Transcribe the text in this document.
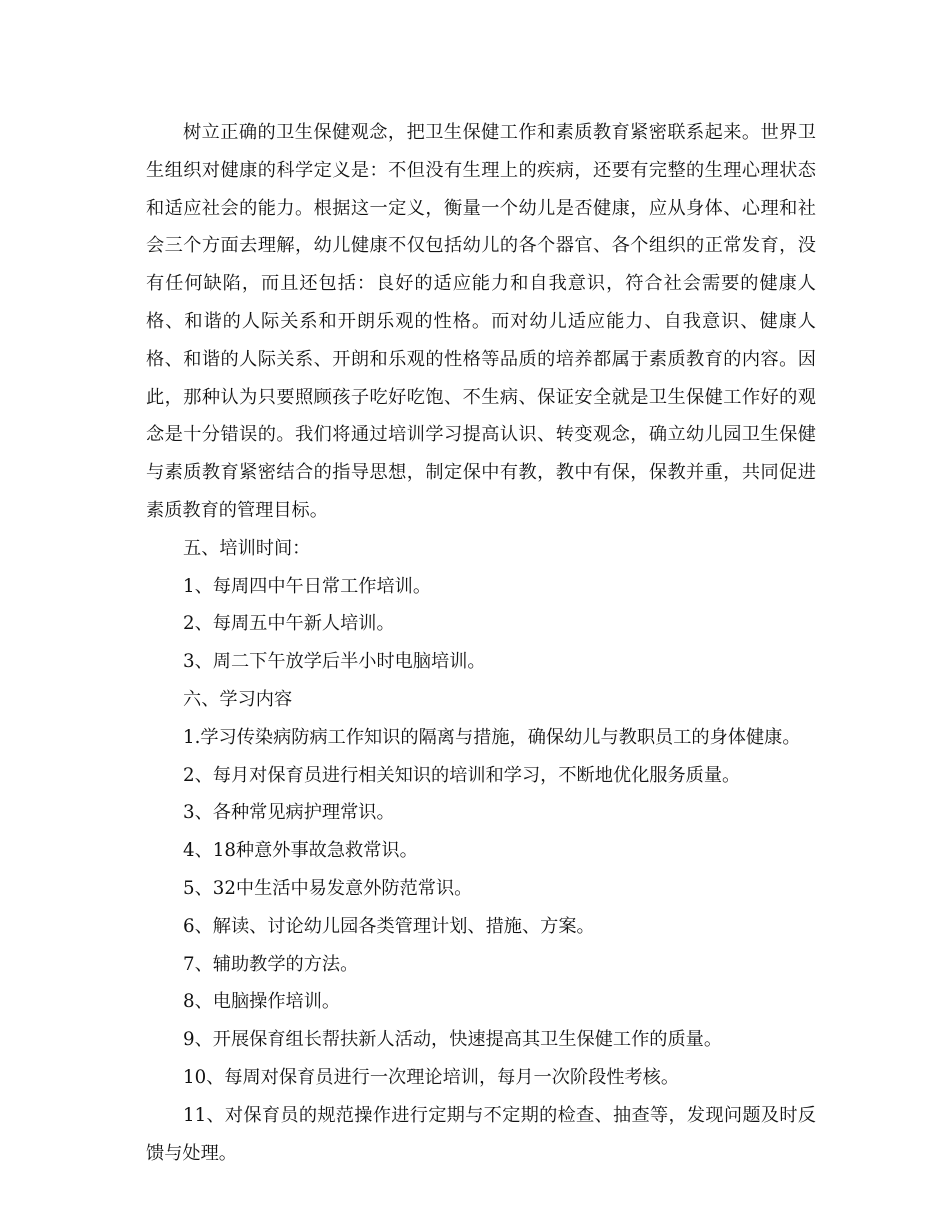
树立正确的卫生保健观念，把卫生保健工作和素质教育紧密联系起来。世界卫生组织对健康的科学定义是：不但没有生理上的疾病，还要有完整的生理心理状态和适应社会的能力。根据这一定义，衡量一个幼儿是否健康，应从身体、心理和社会三个方面去理解，幼儿健康不仅包括幼儿的各个器官、各个组织的正常发育，没有任何缺陷，而且还包括：良好的适应能力和自我意识，符合社会需要的健康人格、和谐的人际关系和开朗乐观的性格。而对幼儿适应能力、自我意识、健康人格、和谐的人际关系、开朗和乐观的性格等品质的培养都属于素质教育的内容。因此，那种认为只要照顾孩子吃好吃饱、不生病、保证安全就是卫生保健工作好的观念是十分错误的。我们将通过培训学习提高认识、转变观念，确立幼儿园卫生保健与素质教育紧密结合的指导思想，制定保中有教，教中有保，保教并重，共同促进素质教育的管理目标。

五、培训时间：

1、每周四中午日常工作培训。

2、每周五中午新人培训。

3、周二下午放学后半小时电脑培训。

六、学习内容

1.学习传染病防病工作知识的隔离与措施，确保幼儿与教职员工的身体健康。

2、每月对保育员进行相关知识的培训和学习，不断地优化服务质量。

3、各种常见病护理常识。

4、18种意外事故急救常识。

5、32中生活中易发意外防范常识。

6、解读、讨论幼儿园各类管理计划、措施、方案。

7、辅助教学的方法。

8、电脑操作培训。

9、开展保育组长帮扶新人活动，快速提高其卫生保健工作的质量。

10、每周对保育员进行一次理论培训，每月一次阶段性考核。

11、对保育员的规范操作进行定期与不定期的检查、抽查等，发现问题及时反馈与处理。
